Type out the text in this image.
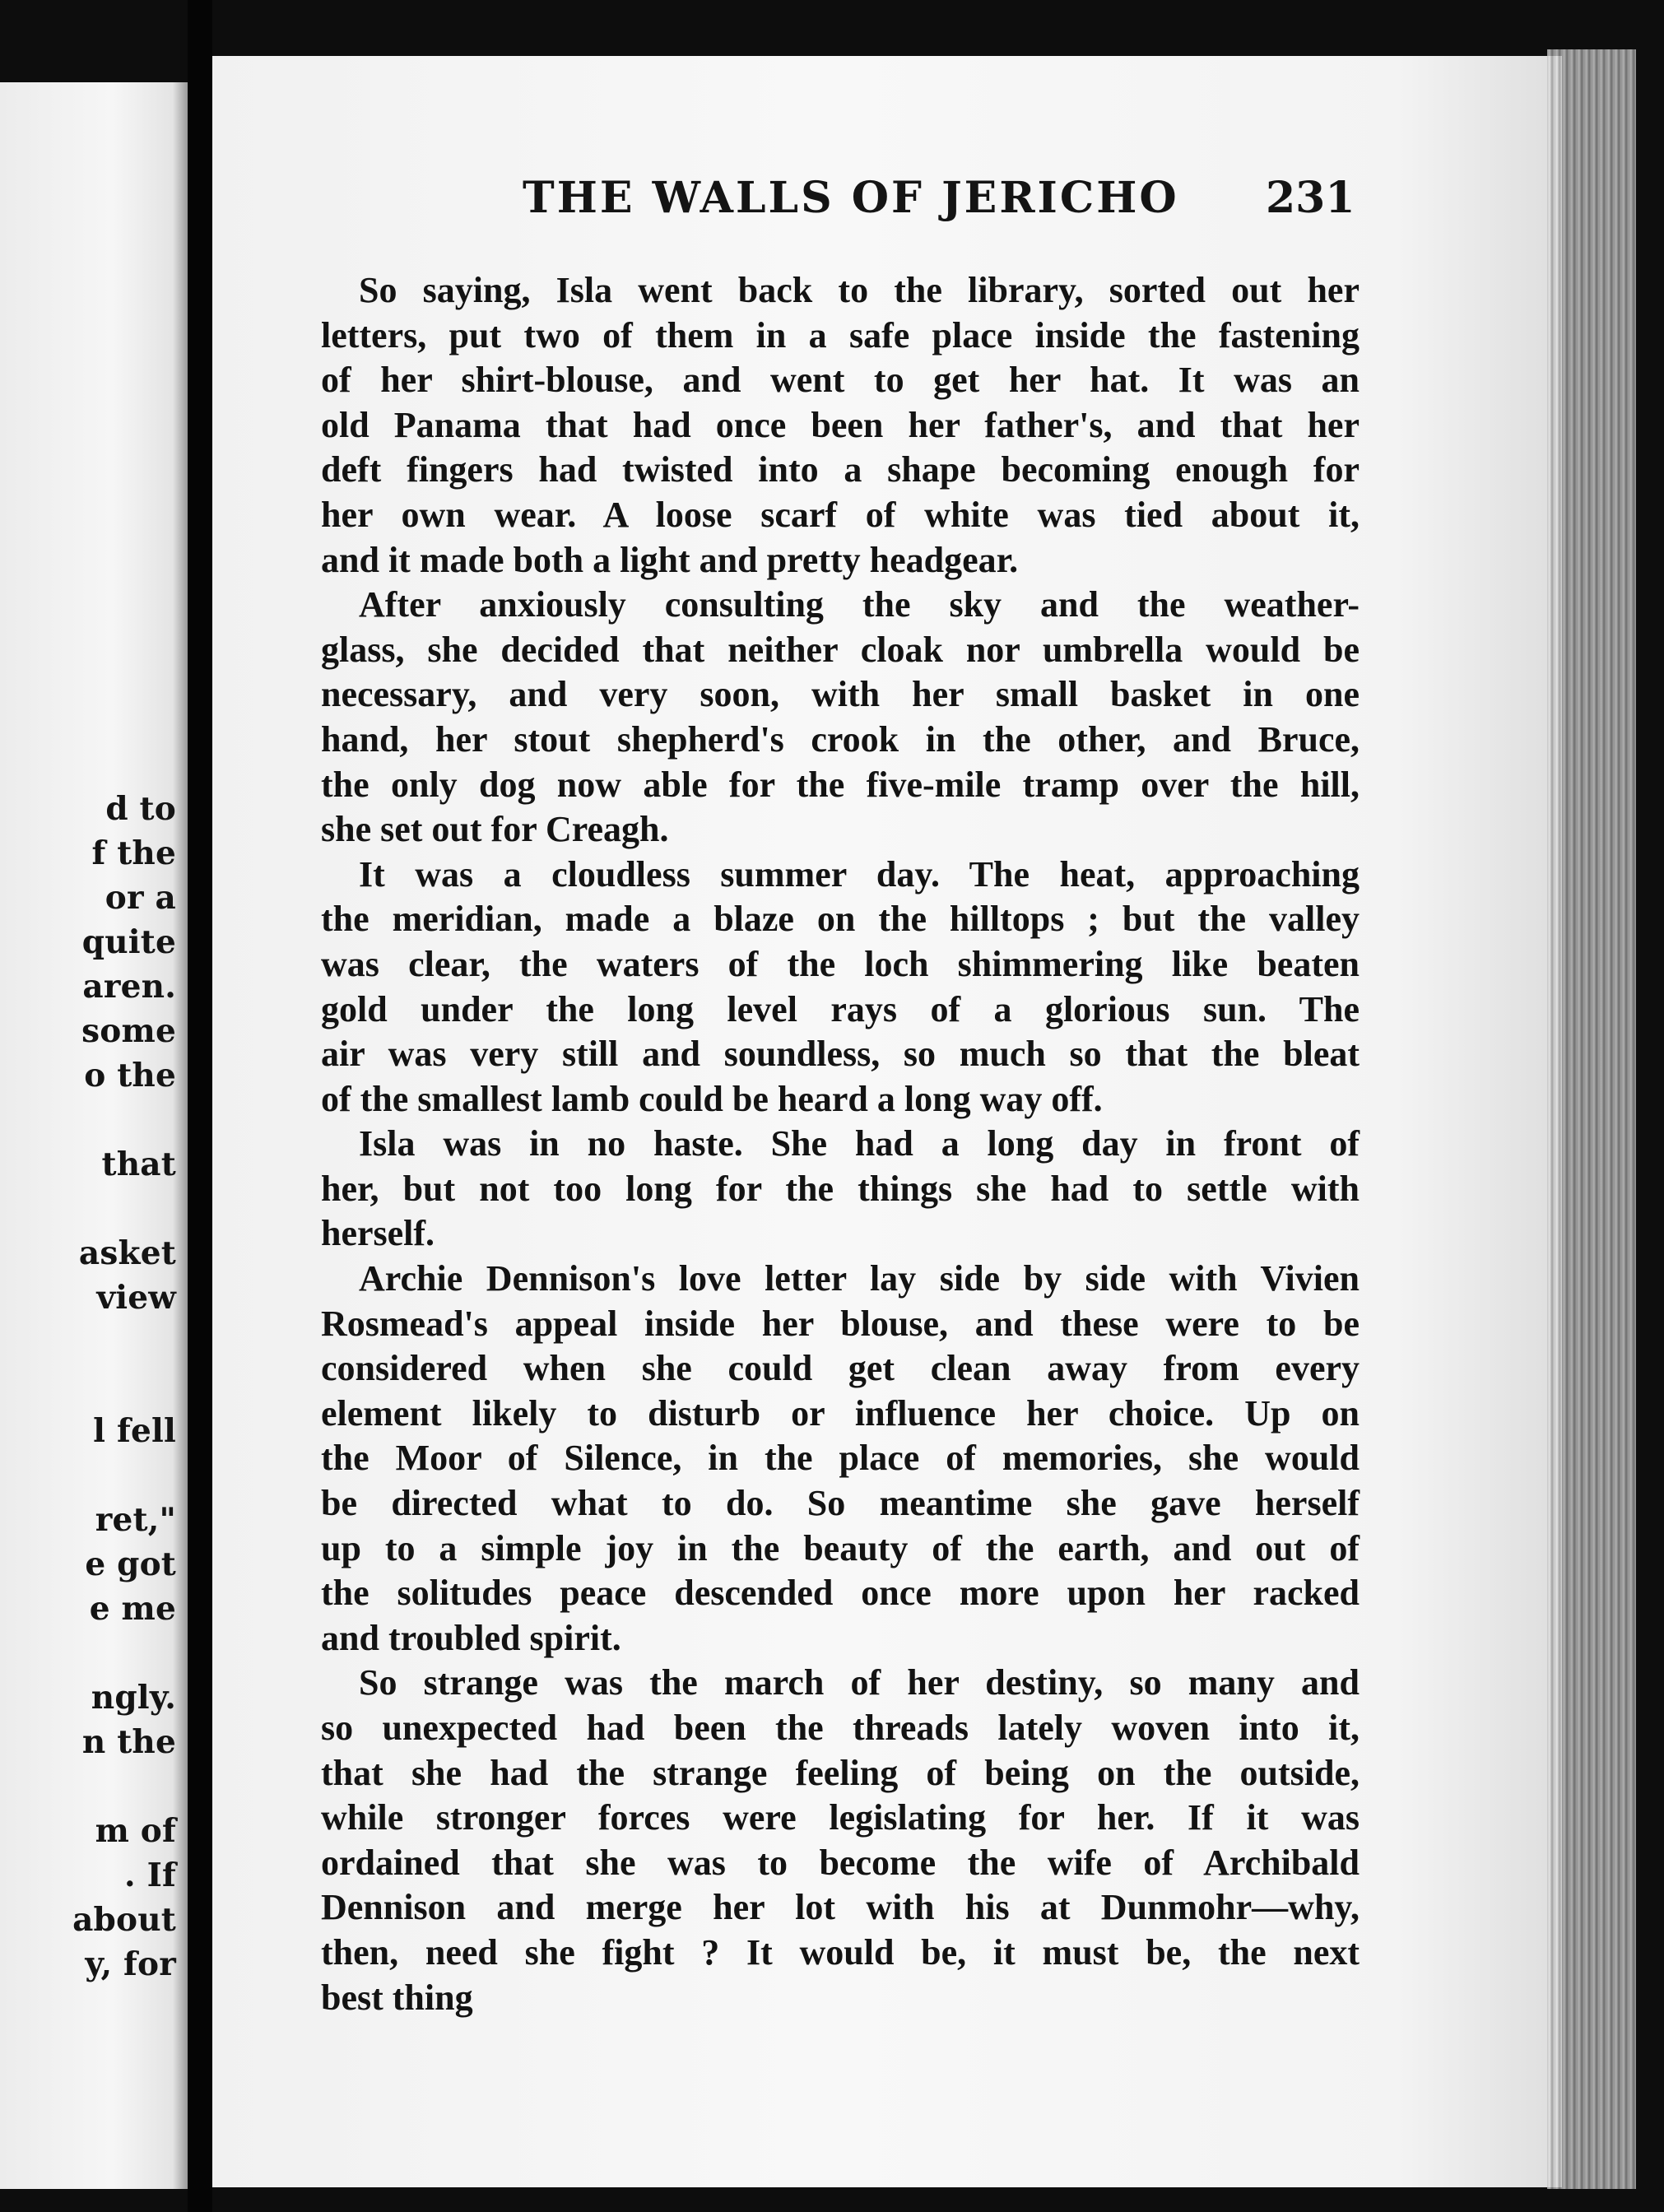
d to
f the
or a
quite
aren.
some
o the
that
asket
view
l fell
ret,"
e got
e me
ngly.
n the
m of
. If
about
y, for
THE WALLS OF JERICHO 231
So saying, Isla went back to the library, sorted out her
letters, put two of them in a safe place inside the fastening
of her shirt-blouse, and went to get her hat. It was an
old Panama that had once been her father's, and that her
deft fingers had twisted into a shape becoming enough for
her own wear. A loose scarf of white was tied about it,
and it made both a light and pretty headgear.
After anxiously consulting the sky and the weather-
glass, she decided that neither cloak nor umbrella would be
necessary, and very soon, with her small basket in one
hand, her stout shepherd's crook in the other, and Bruce,
the only dog now able for the five-mile tramp over the hill,
she set out for Creagh.
It was a cloudless summer day. The heat, approaching
the meridian, made a blaze on the hilltops ; but the valley
was clear, the waters of the loch shimmering like beaten
gold under the long level rays of a glorious sun. The
air was very still and soundless, so much so that the bleat
of the smallest lamb could be heard a long way off.
Isla was in no haste. She had a long day in front of
her, but not too long for the things she had to settle with
herself.
Archie Dennison's love letter lay side by side with Vivien
Rosmead's appeal inside her blouse, and these were to be
considered when she could get clean away from every
element likely to disturb or influence her choice. Up on
the Moor of Silence, in the place of memories, she would
be directed what to do. So meantime she gave herself
up to a simple joy in the beauty of the earth, and out of
the solitudes peace descended once more upon her racked
and troubled spirit.
So strange was the march of her destiny, so many and
so unexpected had been the threads lately woven into it,
that she had the strange feeling of being on the outside,
while stronger forces were legislating for her. If it was
ordained that she was to become the wife of Archibald
Dennison and merge her lot with his at Dunmohr—why,
then, need she fight ? It would be, it must be, the next
best thing
